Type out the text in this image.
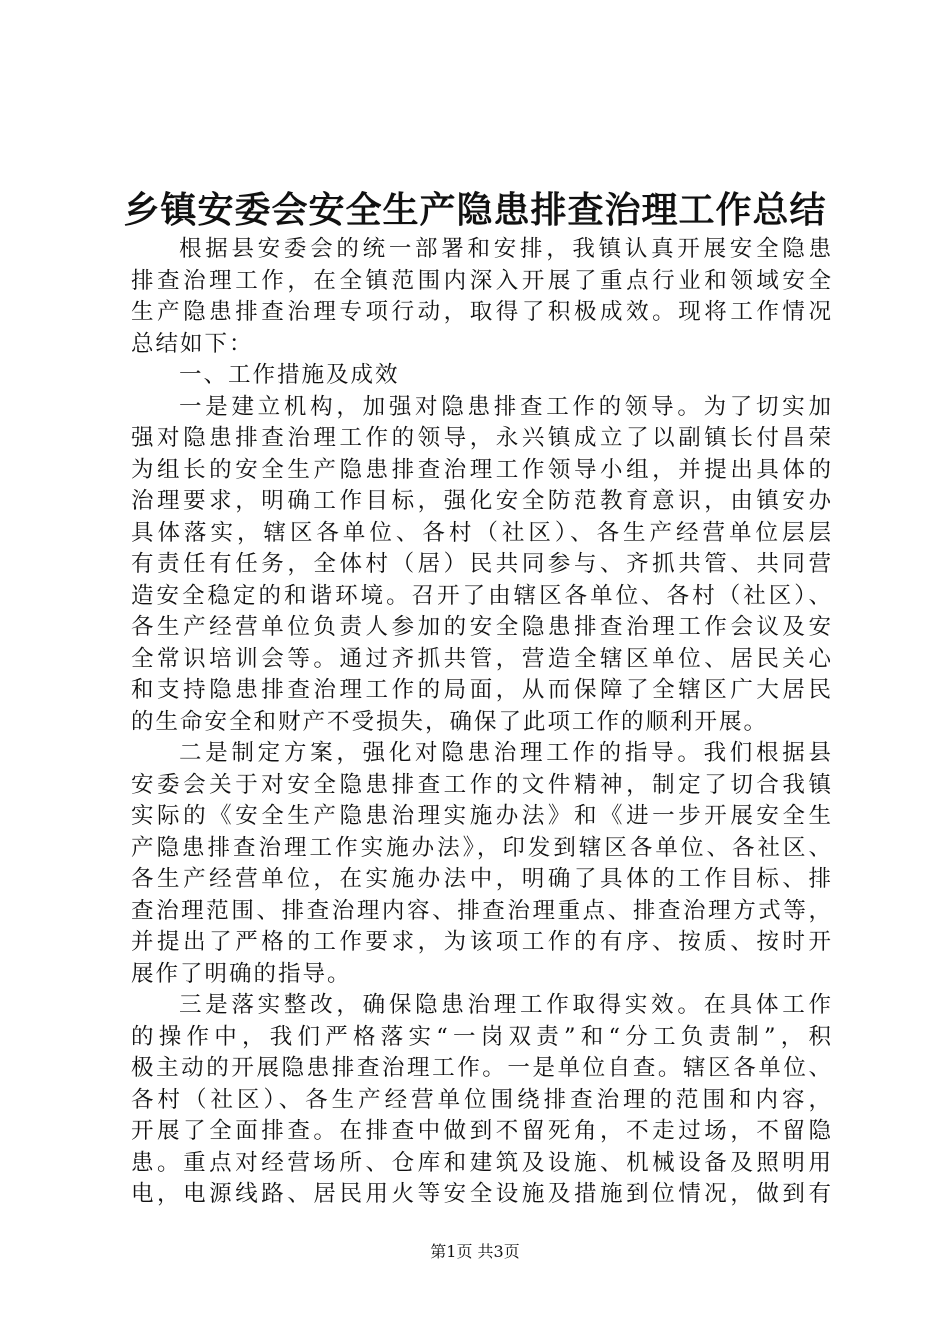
乡镇安委会安全生产隐患排查治理工作总结
根据县安委会的统一部署和安排，我镇认真开展安全隐患
排查治理工作，在全镇范围内深入开展了重点行业和领域安全
生产隐患排查治理专项行动，取得了积极成效。现将工作情况
总结如下：
一、工作措施及成效
一是建立机构，加强对隐患排查工作的领导。为了切实加
强对隐患排查治理工作的领导，永兴镇成立了以副镇长付昌荣
为组长的安全生产隐患排查治理工作领导小组，并提出具体的
治理要求，明确工作目标，强化安全防范教育意识，由镇安办
具体落实，辖区各单位、各村（社区）、各生产经营单位层层
有责任有任务，全体村（居）民共同参与、齐抓共管、共同营
造安全稳定的和谐环境。召开了由辖区各单位、各村（社区）、
各生产经营单位负责人参加的安全隐患排查治理工作会议及安
全常识培训会等。通过齐抓共管，营造全辖区单位、居民关心
和支持隐患排查治理工作的局面，从而保障了全辖区广大居民
的生命安全和财产不受损失，确保了此项工作的顺利开展。
二是制定方案，强化对隐患治理工作的指导。我们根据县
安委会关于对安全隐患排查工作的文件精神，制定了切合我镇
实际的《安全生产隐患治理实施办法》和《进一步开展安全生
产隐患排查治理工作实施办法》，印发到辖区各单位、各社区、
各生产经营单位，在实施办法中，明确了具体的工作目标、排
查治理范围、排查治理内容、排查治理重点、排查治理方式等，
并提出了严格的工作要求，为该项工作的有序、按质、按时开
展作了明确的指导。
三是落实整改，确保隐患治理工作取得实效。在具体工作
的操作中，我们严格落实“一岗双责”和“分工负责制”，积
极主动的开展隐患排查治理工作。一是单位自查。辖区各单位、
各村（社区）、各生产经营单位围绕排查治理的范围和内容，
开展了全面排查。在排查中做到不留死角，不走过场，不留隐
患。重点对经营场所、仓库和建筑及设施、机械设备及照明用
电，电源线路、居民用火等安全设施及措施到位情况，做到有
第1页 共3页
